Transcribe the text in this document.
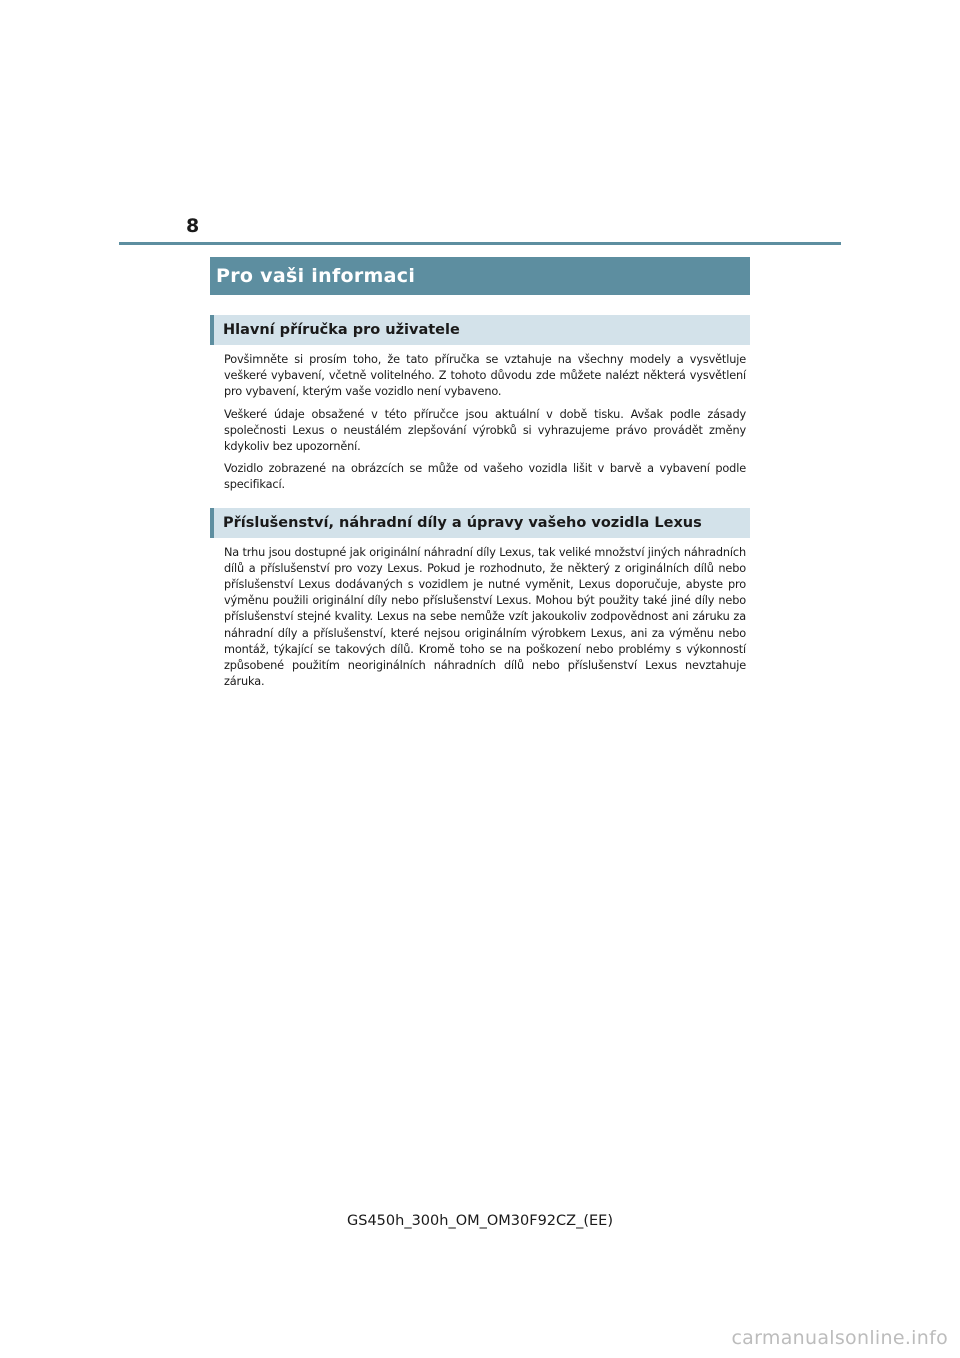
8
Pro vaši informaci
Hlavní příručka pro uživatele

Povšimněte si prosím toho, že tato příručka se vztahuje na všechny modely a vysvětluje veškeré vybavení, včetně volitelného. Z tohoto důvodu zde můžete nalézt některá vysvětlení pro vybavení, kterým vaše vozidlo není vybaveno.

Veškeré údaje obsažené v této příručce jsou aktuální v době tisku. Avšak podle zásady společnosti Lexus o neustálém zlepšování výrobků si vyhrazujeme právo provádět změny kdykoliv bez upozornění.

Vozidlo zobrazené na obrázcích se může od vašeho vozidla lišit v barvě a vybavení podle specifikací.

Příslušenství, náhradní díly a úpravy vašeho vozidla Lexus

Na trhu jsou dostupné jak originální náhradní díly Lexus, tak veliké množství jiných náhradních dílů a příslušenství pro vozy Lexus. Pokud je rozhodnuto, že některý z originálních dílů nebo příslušenství Lexus dodávaných s vozidlem je nutné vyměnit, Lexus doporučuje, abyste pro výměnu použili originální díly nebo příslušenství Lexus. Mohou být použity také jiné díly nebo příslušenství stejné kvality. Lexus na sebe nemůže vzít jakoukoliv zodpovědnost ani záruku za náhradní díly a příslušenství, které nejsou originálním výrobkem Lexus, ani za výměnu nebo montáž, týkající se takových dílů. Kromě toho se na poškození nebo problémy s výkonností způsobené použitím neoriginálních náhradních dílů nebo příslušenství Lexus nevztahuje záruka.

GS450h_300h_OM_OM30F92CZ_(EE)
carmanualsonline.info
